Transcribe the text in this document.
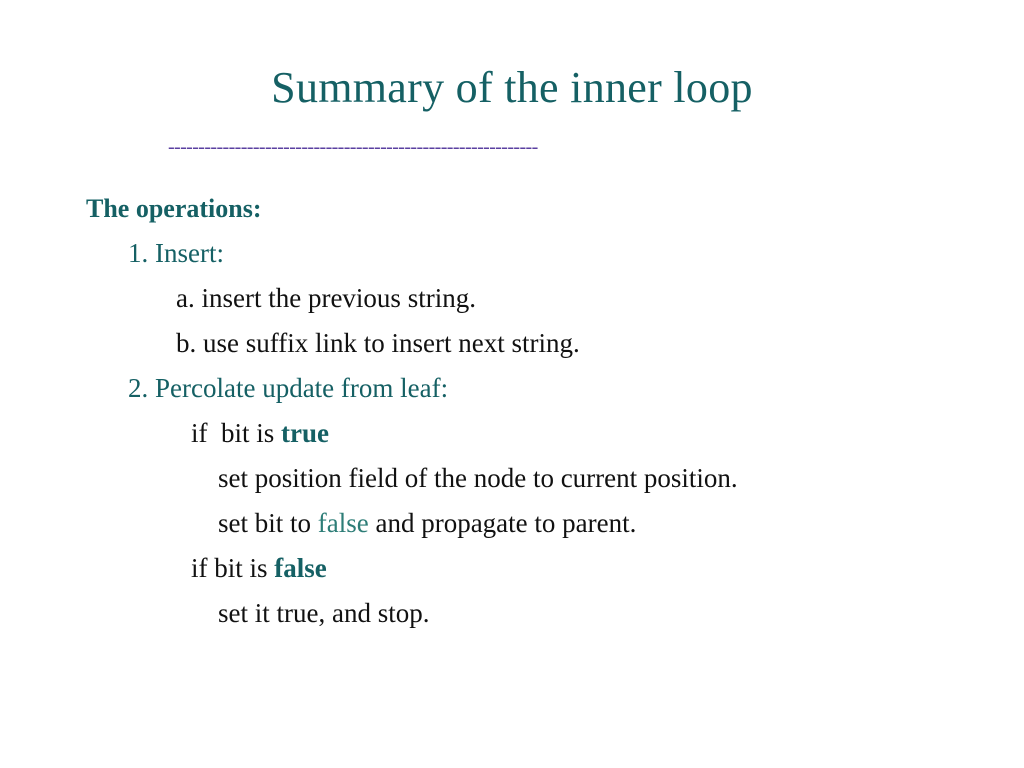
Summary of the inner loop
-------------------------------------------------------------
The operations:
1. Insert:
a. insert the previous string.
b. use suffix link to insert next string.
2. Percolate update from leaf:
if  bit is true
set position field of the node to current position.
set bit to false and propagate to parent.
if bit is false
set it true, and stop.
